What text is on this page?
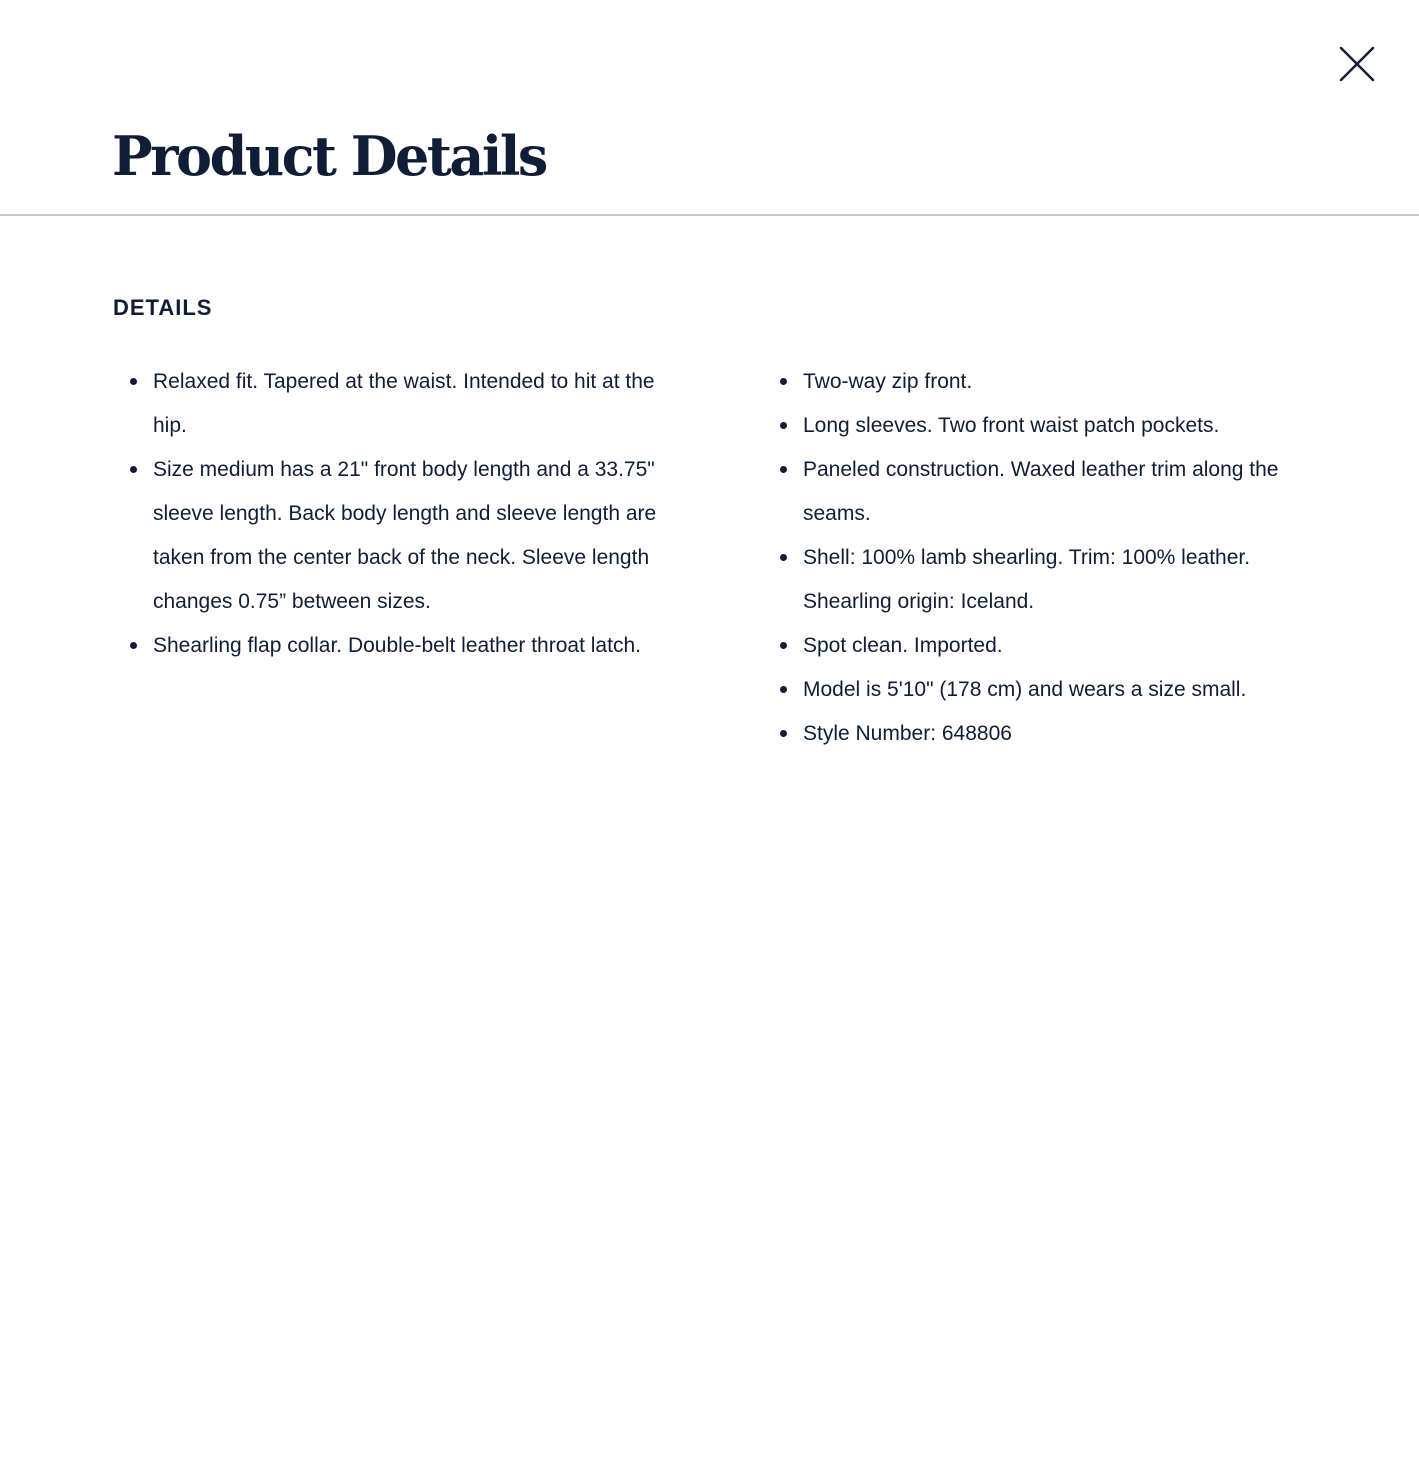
Product Details
DETAILS
Relaxed fit. Tapered at the waist. Intended to hit at the hip.
Size medium has a 21" front body length and a 33.75" sleeve length. Back body length and sleeve length are taken from the center back of the neck. Sleeve length changes 0.75” between sizes.
Shearling flap collar. Double-belt leather throat latch.
Two-way zip front.
Long sleeves. Two front waist patch pockets.
Paneled construction. Waxed leather trim along the seams.
Shell: 100% lamb shearling. Trim: 100% leather. Shearling origin: Iceland.
Spot clean. Imported.
Model is 5'10" (178 cm) and wears a size small.
Style Number: 648806
